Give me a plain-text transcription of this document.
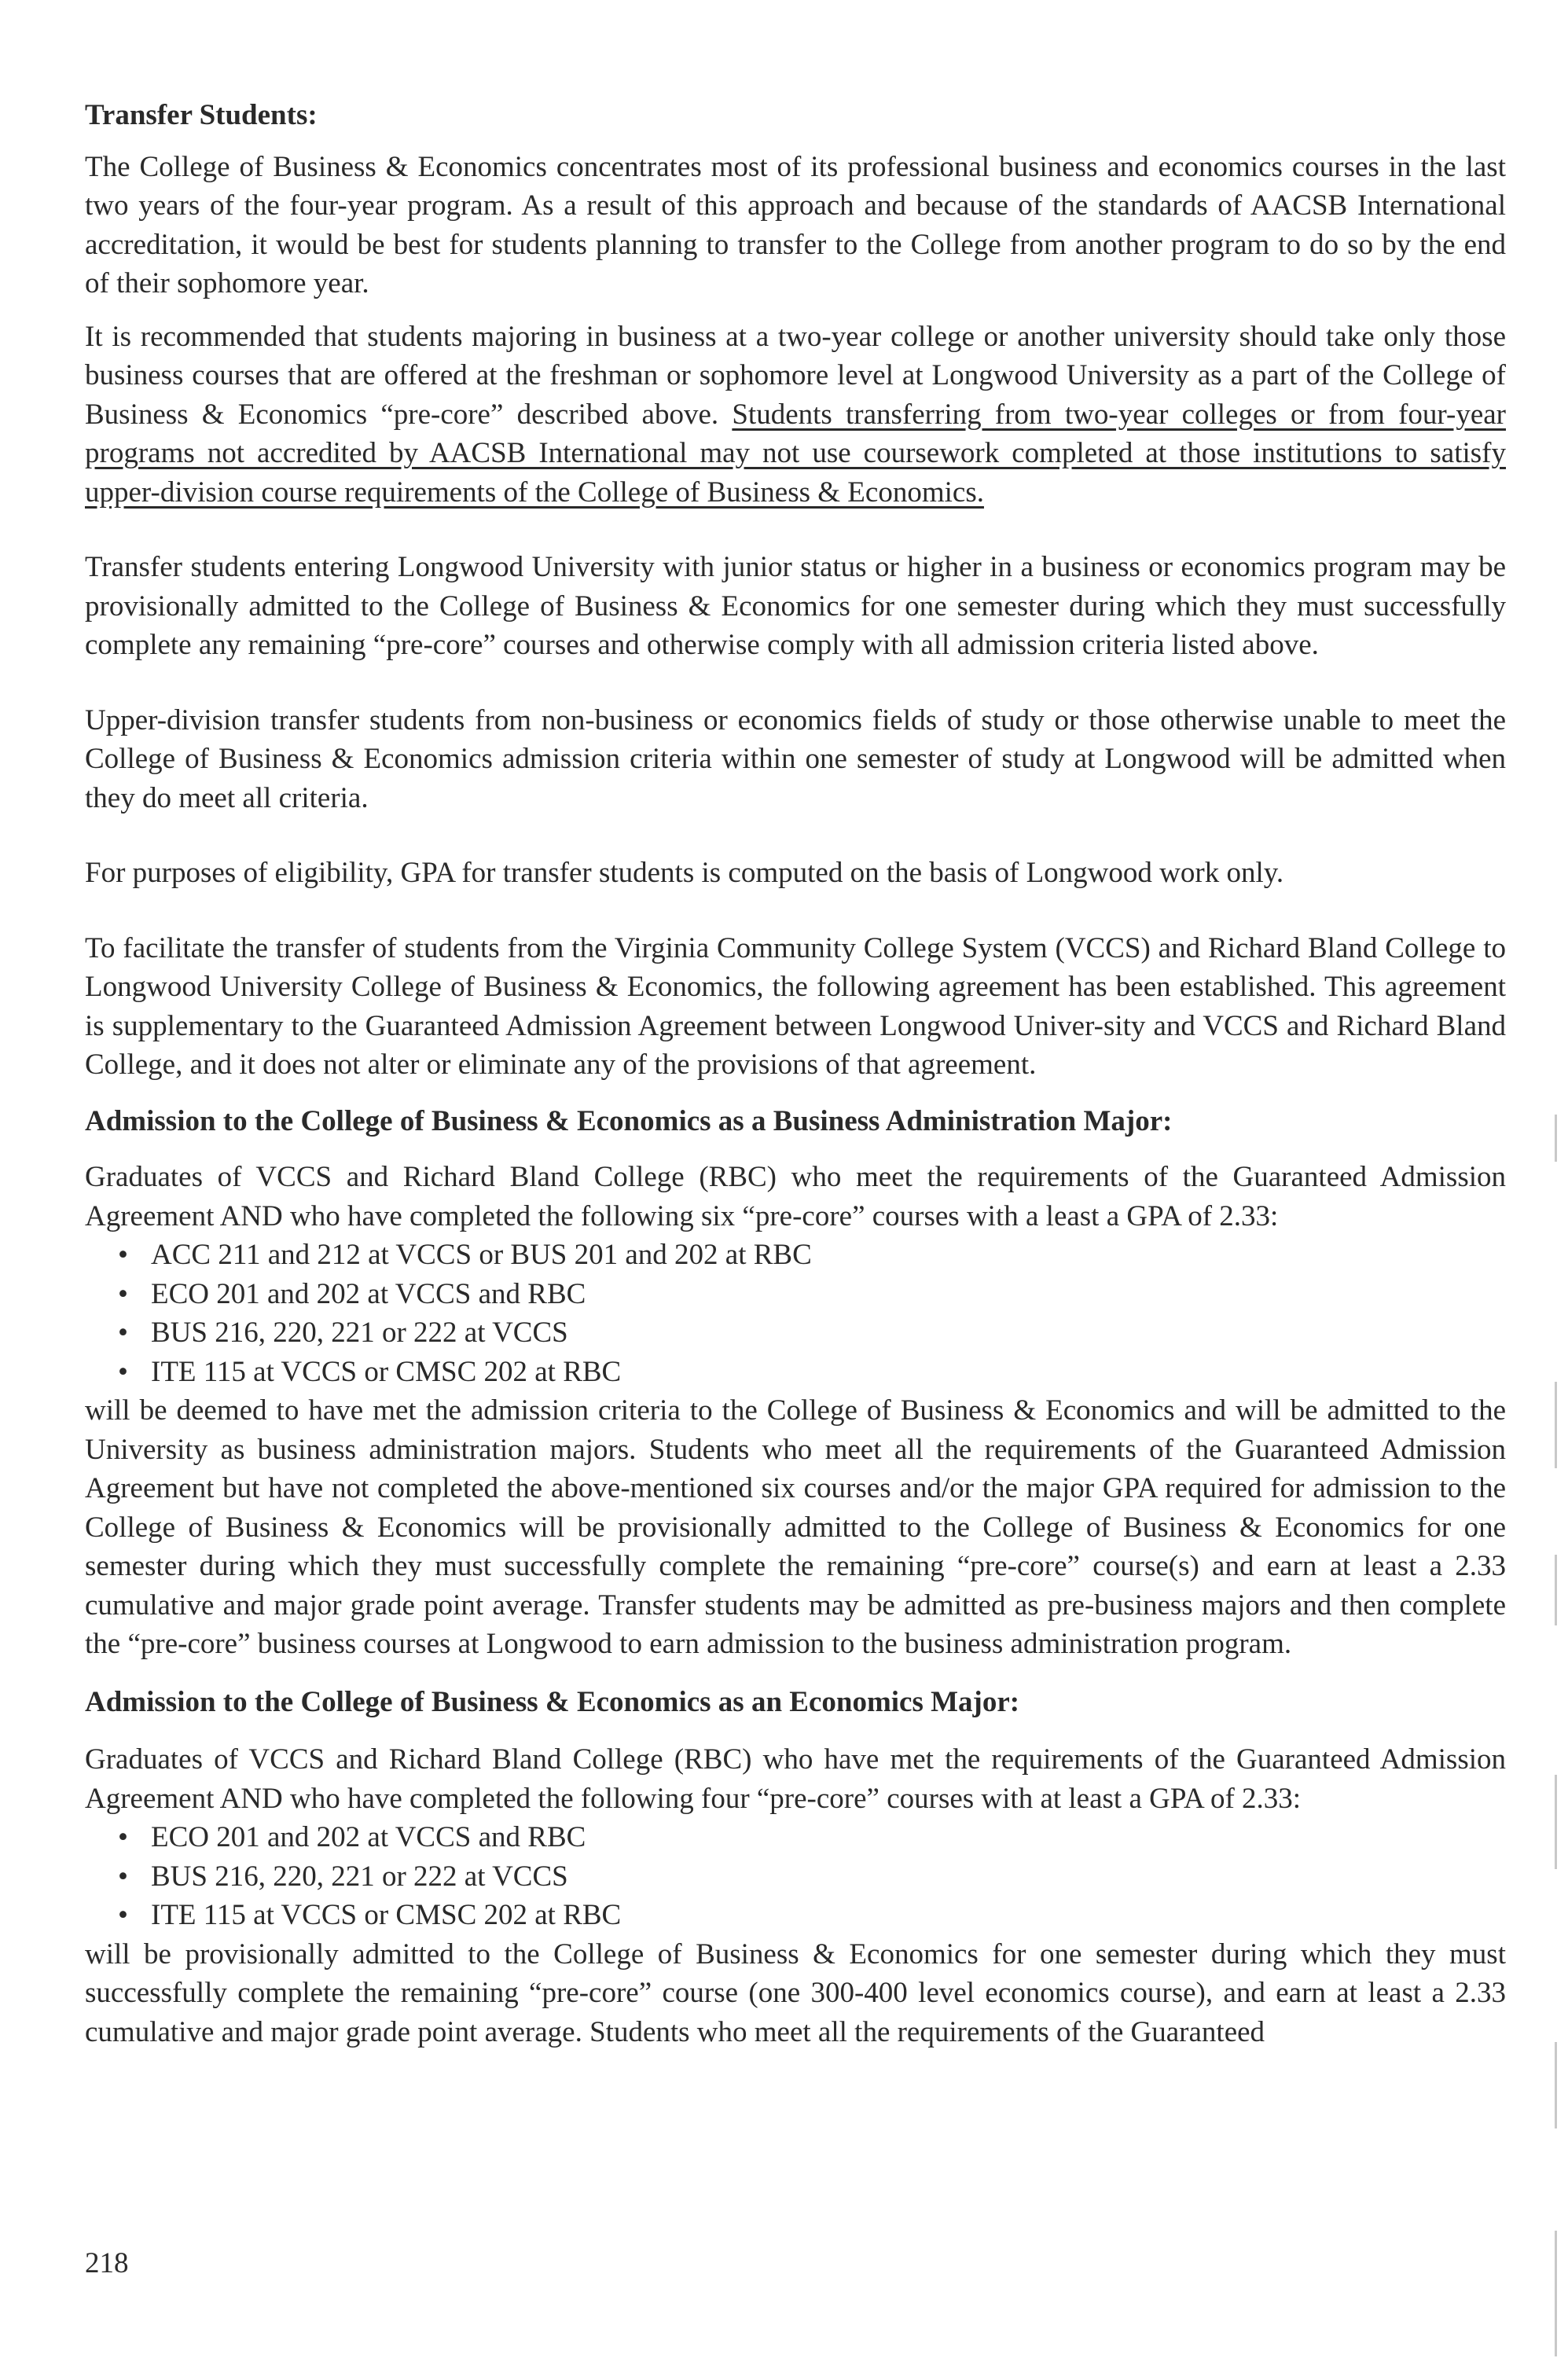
Transfer Students:

The College of Business & Economics concentrates most of its professional business and economics courses in the last two years of the four-year program. As a result of this approach and because of the standards of AACSB International accreditation, it would be best for students planning to transfer to the College from another program to do so by the end of their sophomore year.

It is recommended that students majoring in business at a two-year college or another university should take only those business courses that are offered at the freshman or sophomore level at Longwood University as a part of the College of Business & Economics “pre-core” described above. Students transferring from two-year colleges or from four-year programs not accredited by AACSB International may not use coursework completed at those institutions to satisfy upper-division course requirements of the College of Business & Economics.

Transfer students entering Longwood University with junior status or higher in a business or economics program may be provisionally admitted to the College of Business & Economics for one semester during which they must successfully complete any remaining “pre-core” courses and otherwise comply with all admission criteria listed above.

Upper-division transfer students from non-business or economics fields of study or those otherwise unable to meet the College of Business & Economics admission criteria within one semester of study at Longwood will be admitted when they do meet all criteria.

For purposes of eligibility, GPA for transfer students is computed on the basis of Longwood work only.

To facilitate the transfer of students from the Virginia Community College System (VCCS) and Richard Bland College to Longwood University College of Business & Economics, the following agreement has been established. This agreement is supplementary to the Guaranteed Admission Agreement between Longwood Univer-sity and VCCS and Richard Bland College, and it does not alter or eliminate any of the provisions of that agreement.

Admission to the College of Business & Economics as a Business Administration Major:

Graduates of VCCS and Richard Bland College (RBC) who meet the requirements of the Guaranteed Admission Agreement AND who have completed the following six “pre-core” courses with a least a GPA of 2.33:

• ACC 211 and 212 at VCCS or BUS 201 and 202 at RBC
• ECO 201 and 202 at VCCS and RBC
• BUS 216, 220, 221 or 222 at VCCS
• ITE 115 at VCCS or CMSC 202 at RBC

will be deemed to have met the admission criteria to the College of Business & Economics and will be admitted to the University as business administration majors. Students who meet all the requirements of the Guaranteed Admission Agreement but have not completed the above-mentioned six courses and/or the major GPA required for admission to the College of Business & Economics will be provisionally admitted to the College of Business & Economics for one semester during which they must successfully complete the remaining “pre-core” course(s) and earn at least a 2.33 cumulative and major grade point average. Transfer students may be admitted as pre-business majors and then complete the “pre-core” business courses at Longwood to earn admission to the business administration program.

Admission to the College of Business & Economics as an Economics Major:

Graduates of VCCS and Richard Bland College (RBC) who have met the requirements of the Guaranteed Admission Agreement AND who have completed the following four “pre-core” courses with at least a GPA of 2.33:

• ECO 201 and 202 at VCCS and RBC
• BUS 216, 220, 221 or 222 at VCCS
• ITE 115 at VCCS or CMSC 202 at RBC

will be provisionally admitted to the College of Business & Economics for one semester during which they must successfully complete the remaining “pre-core” course (one 300-400 level economics course), and earn at least a 2.33 cumulative and major grade point average. Students who meet all the requirements of the Guaranteed

218
